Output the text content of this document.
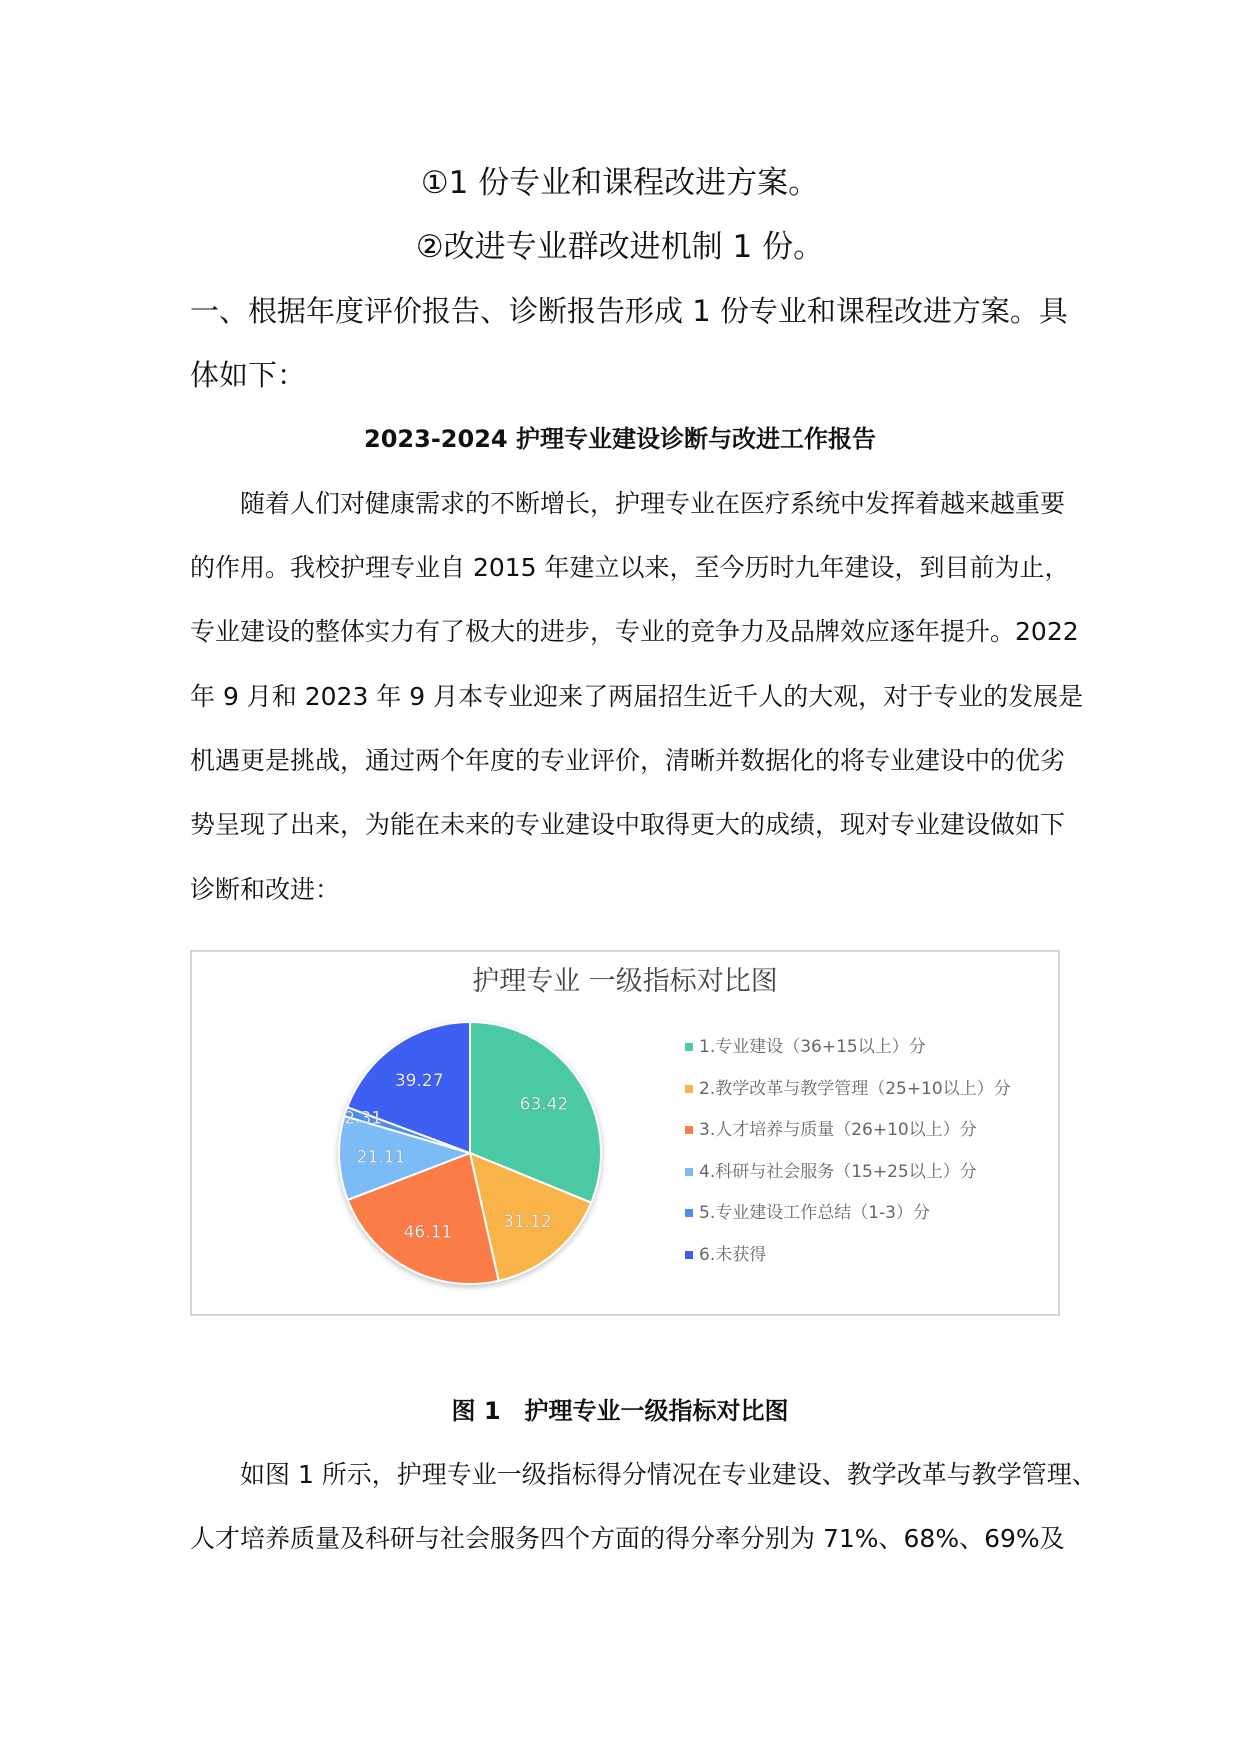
①1 份专业和课程改进方案。
②改进专业群改进机制 1 份。
一、根据年度评价报告、诊断报告形成 1 份专业和课程改进方案。具
体如下：
2023-2024 护理专业建设诊断与改进工作报告
　　随着人们对健康需求的不断增长，护理专业在医疗系统中发挥着越来越重要
的作用。我校护理专业自 2015 年建立以来，至今历时九年建设，到目前为止，
专业建设的整体实力有了极大的进步，专业的竞争力及品牌效应逐年提升。2022
年 9 月和 2023 年 9 月本专业迎来了两届招生近千人的大观，对于专业的发展是
机遇更是挑战，通过两个年度的专业评价，清晰并数据化的将专业建设中的优劣
势呈现了出来，为能在未来的专业建设中取得更大的成绩，现对专业建设做如下
诊断和改进：
护理专业 一级指标对比图
63.42
31.12
46.11
21.11
2.31
39.27
1.专业建设（36+15以上）分
2.教学改革与教学管理（25+10以上）分
3.人才培养与质量（26+10以上）分
4.科研与社会服务（15+25以上）分
5.专业建设工作总结（1-3）分
6.未获得
图 1　护理专业一级指标对比图
　　如图 1 所示，护理专业一级指标得分情况在专业建设、教学改革与教学管理、
人才培养质量及科研与社会服务四个方面的得分率分别为 71%、68%、69%及
